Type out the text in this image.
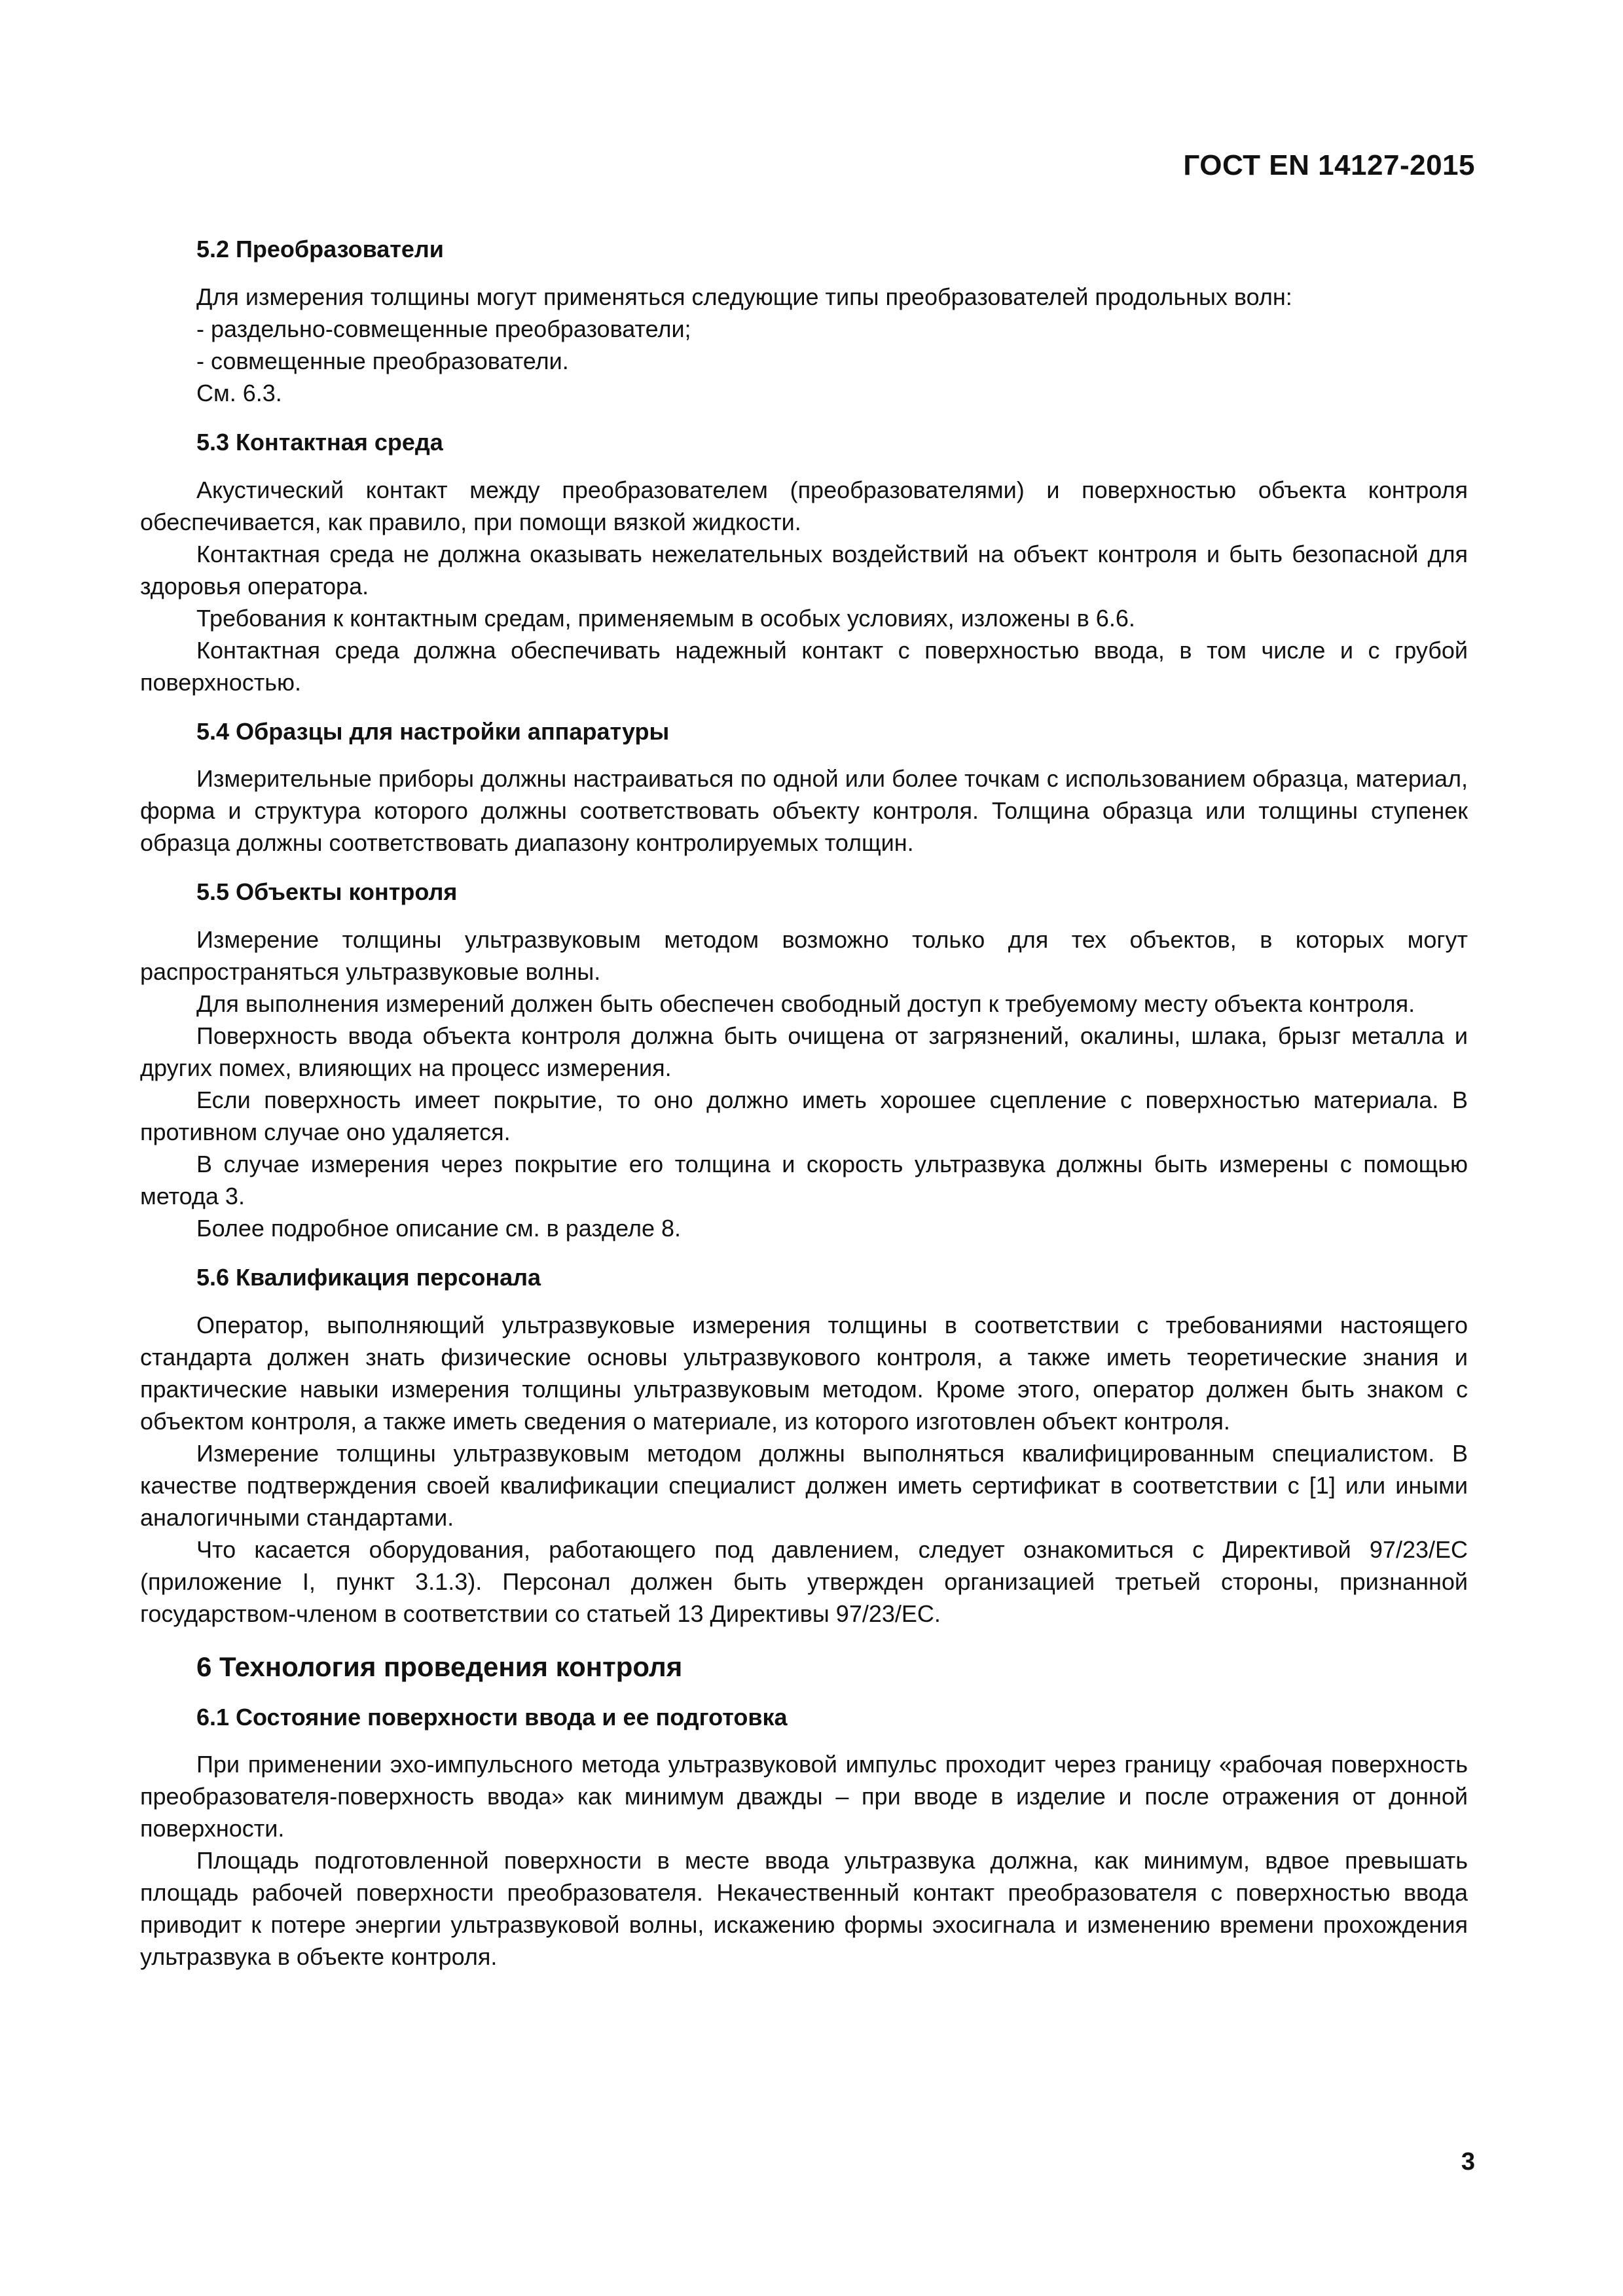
ГОСТ EN 14127-2015
5.2 Преобразователи

Для измерения толщины могут применяться следующие типы преобразователей продольных волн:

- раздельно-совмещенные преобразователи;

- совмещенные преобразователи.

См. 6.3.

5.3 Контактная среда

Акустический контакт между преобразователем (преобразователями) и поверхностью объекта контроля обеспечивается, как правило, при помощи вязкой жидкости.

Контактная среда не должна оказывать нежелательных воздействий на объект контроля и быть безопасной для здоровья оператора.

Требования к контактным средам, применяемым в особых условиях, изложены в 6.6.

Контактная среда должна обеспечивать надежный контакт с поверхностью ввода, в том числе и с грубой поверхностью.

5.4 Образцы для настройки аппаратуры

Измерительные приборы должны настраиваться по одной или более точкам с использованием образца, материал, форма и структура которого должны соответствовать объекту контроля. Толщина образца или толщины ступенек образца должны соответствовать диапазону контролируемых толщин.

5.5 Объекты контроля

Измерение толщины ультразвуковым методом возможно только для тех объектов, в которых могут распространяться ультразвуковые волны.

Для выполнения измерений должен быть обеспечен свободный доступ к требуемому месту объекта контроля.

Поверхность ввода объекта контроля должна быть очищена от загрязнений, окалины, шлака, брызг металла и других помех, влияющих на процесс измерения.

Если поверхность имеет покрытие, то оно должно иметь хорошее сцепление с поверхностью материала. В противном случае оно удаляется.

В случае измерения через покрытие его толщина и скорость ультразвука должны быть измерены с помощью метода 3.

Более подробное описание см. в разделе 8.

5.6 Квалификация персонала

Оператор, выполняющий ультразвуковые измерения толщины в соответствии с требованиями настоящего стандарта должен знать физические основы ультразвукового контроля, а также иметь теоретические знания и практические навыки измерения толщины ультразвуковым методом. Кроме этого, оператор должен быть знаком с объектом контроля, а также иметь сведения о материале, из которого изготовлен объект контроля.

Измерение толщины ультразвуковым методом должны выполняться квалифицированным специалистом. В качестве подтверждения своей квалификации специалист должен иметь сертификат в соответствии с [1] или иными аналогичными стандартами.

Что касается оборудования, работающего под давлением, следует ознакомиться с Директивой 97/23/ЕС (приложение I, пункт 3.1.3). Персонал должен быть утвержден организацией третьей стороны, признанной государством-членом в соответствии со статьей 13 Директивы 97/23/ЕС.

6 Технология проведения контроля
6.1 Состояние поверхности ввода и ее подготовка

При применении эхо-импульсного метода ультразвуковой импульс проходит через границу «рабочая поверхность преобразователя-поверхность ввода» как минимум дважды – при вводе в изделие и после отражения от донной поверхности.

Площадь подготовленной поверхности в месте ввода ультразвука должна, как минимум, вдвое превышать площадь рабочей поверхности преобразователя. Некачественный контакт преобразователя с поверхностью ввода приводит к потере энергии ультразвуковой волны, искажению формы эхосигнала и изменению времени прохождения ультразвука в объекте контроля.

3
